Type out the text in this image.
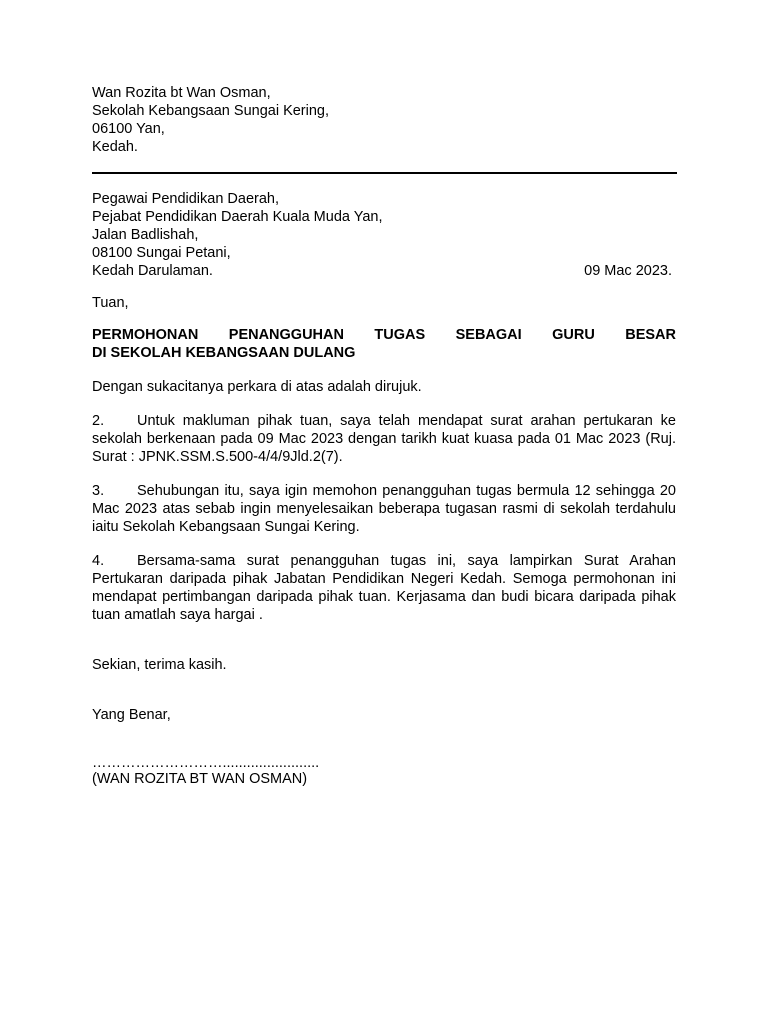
Wan Rozita bt Wan Osman,
Sekolah Kebangsaan Sungai Kering,
06100 Yan,
Kedah.
Pegawai Pendidikan Daerah,
Pejabat Pendidikan Daerah Kuala Muda Yan,
Jalan Badlishah,
08100 Sungai Petani,
Kedah Darulaman.	09 Mac 2023.
Tuan,
PERMOHONAN PENANGGUHAN TUGAS SEBAGAI GURU BESAR
DI SEKOLAH KEBANGSAAN DULANG
Dengan sukacitanya perkara di atas adalah dirujuk.

2. Untuk makluman pihak tuan, saya telah mendapat surat arahan pertukaran ke sekolah berkenaan pada 09 Mac 2023 dengan tarikh kuat kuasa pada 01 Mac 2023 (Ruj. Surat : JPNK.SSM.S.500-4/4/9Jld.2(7).

3. Sehubungan itu, saya igin memohon penangguhan tugas bermula 12 sehingga 20 Mac 2023 atas sebab ingin menyelesaikan beberapa tugasan rasmi di sekolah terdahulu iaitu Sekolah Kebangsaan Sungai Kering.

4. Bersama-sama surat penangguhan tugas ini, saya lampirkan Surat Arahan Pertukaran daripada pihak Jabatan Pendidikan Negeri Kedah. Semoga permohonan ini mendapat pertimbangan daripada pihak tuan. Kerjasama dan budi bicara daripada pihak tuan amatlah saya hargai .

Sekian, terima kasih.
Yang Benar,
………………………........................
(WAN ROZITA BT WAN OSMAN)
